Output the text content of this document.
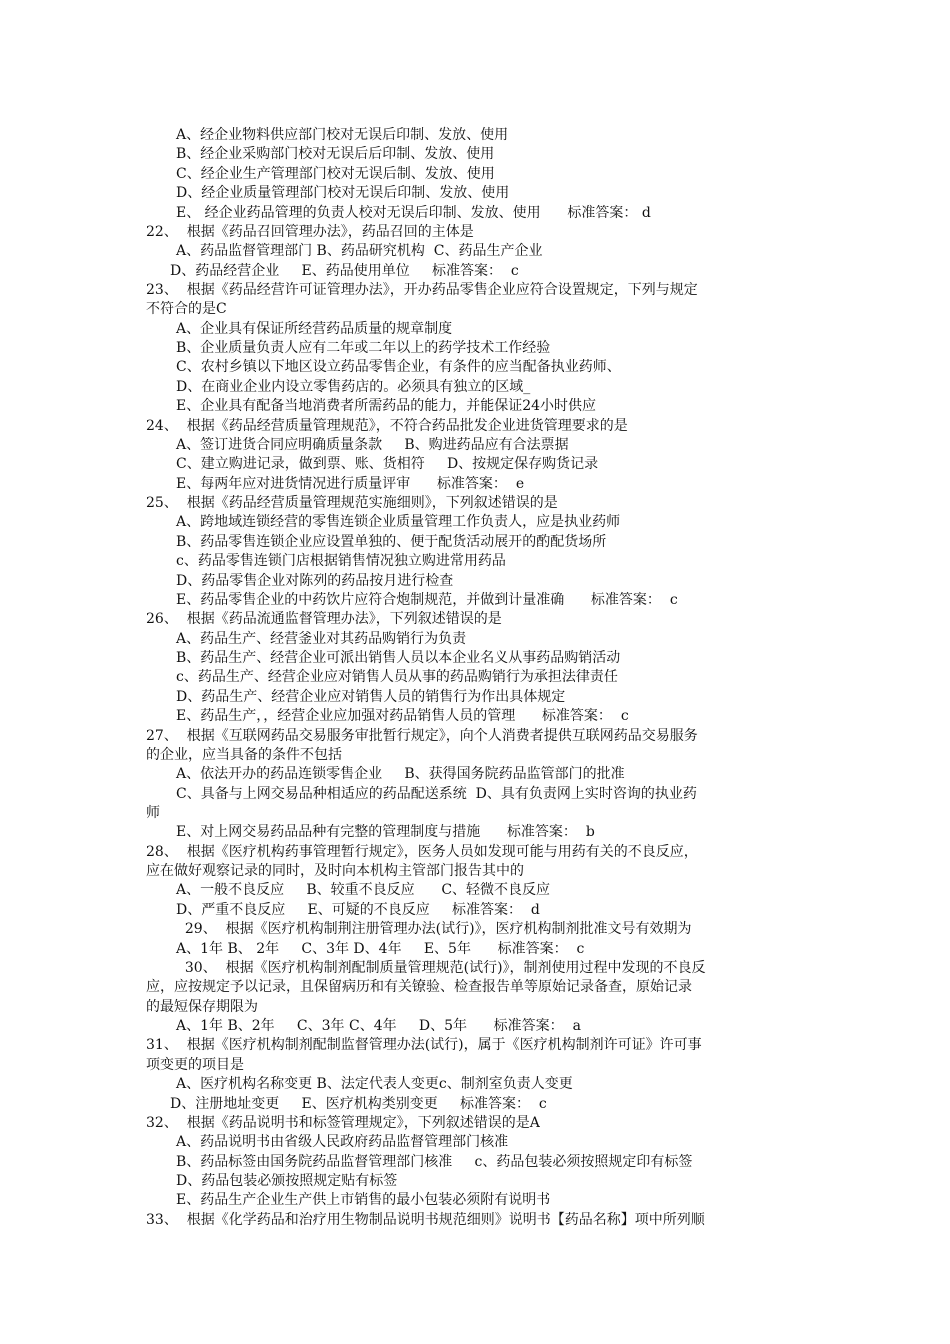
A、经企业物料供应部门校对无误后印制、发放、使用
B、经企业采购部门校对无误后后印制、发放、使用
C、经企业生产管理部门校对无误后制、发放、使用
D、经企业质量管理部门校对无误后印制、发放、使用
E、 经企业药品管理的负责人校对无误后印制、发放、使用      标准答案： d
22、  根据《药品召回管理办法》，药品召回的主体是
A、药品监督管理部门 B、药品研究机构  C、药品生产企业
D、药品经营企业     E、药品使用单位     标准答案：  c
23、  根据《药品经营许可证管理办法》，开办药品零售企业应符合设置规定，下列与规定
不符合的是C
A、企业具有保证所经营药品质量的规章制度
B、企业质量负责人应有二年或二年以上的药学技术工作经验
C、农村乡镇以下地区设立药品零售企业，有条件的应当配备执业药师、
D、在商业企业内设立零售药店的。必须具有独立的区域_
E、企业具有配备当地消费者所需药品的能力，并能保证24小时供应
24、  根据《药品经营质量管理规范》，不符合药品批发企业进货管理要求的是
A、签订进货合同应明确质量条款     B、购进药品应有合法票据
C、建立购进记录，做到票、账、货相符     D、按规定保存购货记录
E、每两年应对进货情况进行质量评审      标准答案：  e
25、  根据《药品经营质量管理规范实施细则》，下列叙述错误的是
A、跨地域连锁经营的零售连锁企业质量管理工作负责人，应是执业药师
B、药品零售连锁企业应设置单独的、便于配货活动展开的酌配货场所
c、药品零售连锁门店根据销售情况独立购进常用药品
D、药品零售企业对陈列的药品按月进行检查
E、药品零售企业的中药饮片应符合炮制规范，并做到计量准确      标准答案：  c
26、  根据《药品流通监督管理办法》，下列叙述错误的是
A、药品生产、经营釜业对其药品购销行为负责
B、药品生产、经营企业可派出销售人员以本企业名义从事药品购销活动
c、药品生产、经营企业应对销售人员从事的药品购销行为承担法律责任
D、药品生产、经营企业应对销售人员的销售行为作出具体规定
E、药品生产，，经营企业应加强对药品销售人员的管理      标准答案：  c
27、  根据《互联网药品交易服务审批暂行规定》，向个人消费者提供互联网药品交易服务
的企业，应当具备的条件不包括
A、依法开办的药品连锁零售企业     B、获得国务院药品监管部门的批准
C、具备与上网交易品种相适应的药品配送系统  D、具有负责网上实时咨询的执业药
师
E、对上网交易药品品种有完整的管理制度与措施      标准答案：  b
28、  根据《医疗机构药事管理暂行规定》，医务人员如发现可能与用药有关的不良反应，
应在做好观察记录的同时，及时向本机构主管部门报告其中的
A、一般不良反应     B、较重不良反应      C、轻微不良反应
D、严重不良反应     E、可疑的不良反应     标准答案：  d
29、  根据《医疗机构制荆注册管理办法(试行)》，医疗机构制剂批准文号有效期为
A、1年 B、 2年     C、3年 D、4年     E、5年      标准答案：  c
30、  根据《医疗机构制剂配制质量管理规范(试行)》，制剂使用过程中发现的不良反
应，应按规定予以记录，且保留病历和有关镣验、检查报告单等原始记录备查，原始记录
的最短保存期限为
A、1年 B、2年     C、3年 C、4年     D、5年      标准答案：  a
31、  根据《医疗机构制剂配制监督管理办法(试行)，属于《医疗机构制剂许可证》许可事
项变更的项目是
A、医疗机构名称变更 B、法定代表人变更c、制剂室负责人变更
D、注册地址变更     E、医疗机构类别变更     标准答案：  c
32、  根据《药品说明书和标签管理规定》，下列叙述错误的是A
A、药品说明书由省级人民政府药品监督管理部门核准
B、药品标签由国务院药品监督管理部门核准     c、药品包装必须按照规定印有标签
D、药品包装必颁按照规定贴有标签
E、药品生产企业生产供上市销售的最小包装必须附有说明书
33、  根据《化学药品和治疗用生物制品说明书规范细则》说明书【药品名称】项中所列顺
